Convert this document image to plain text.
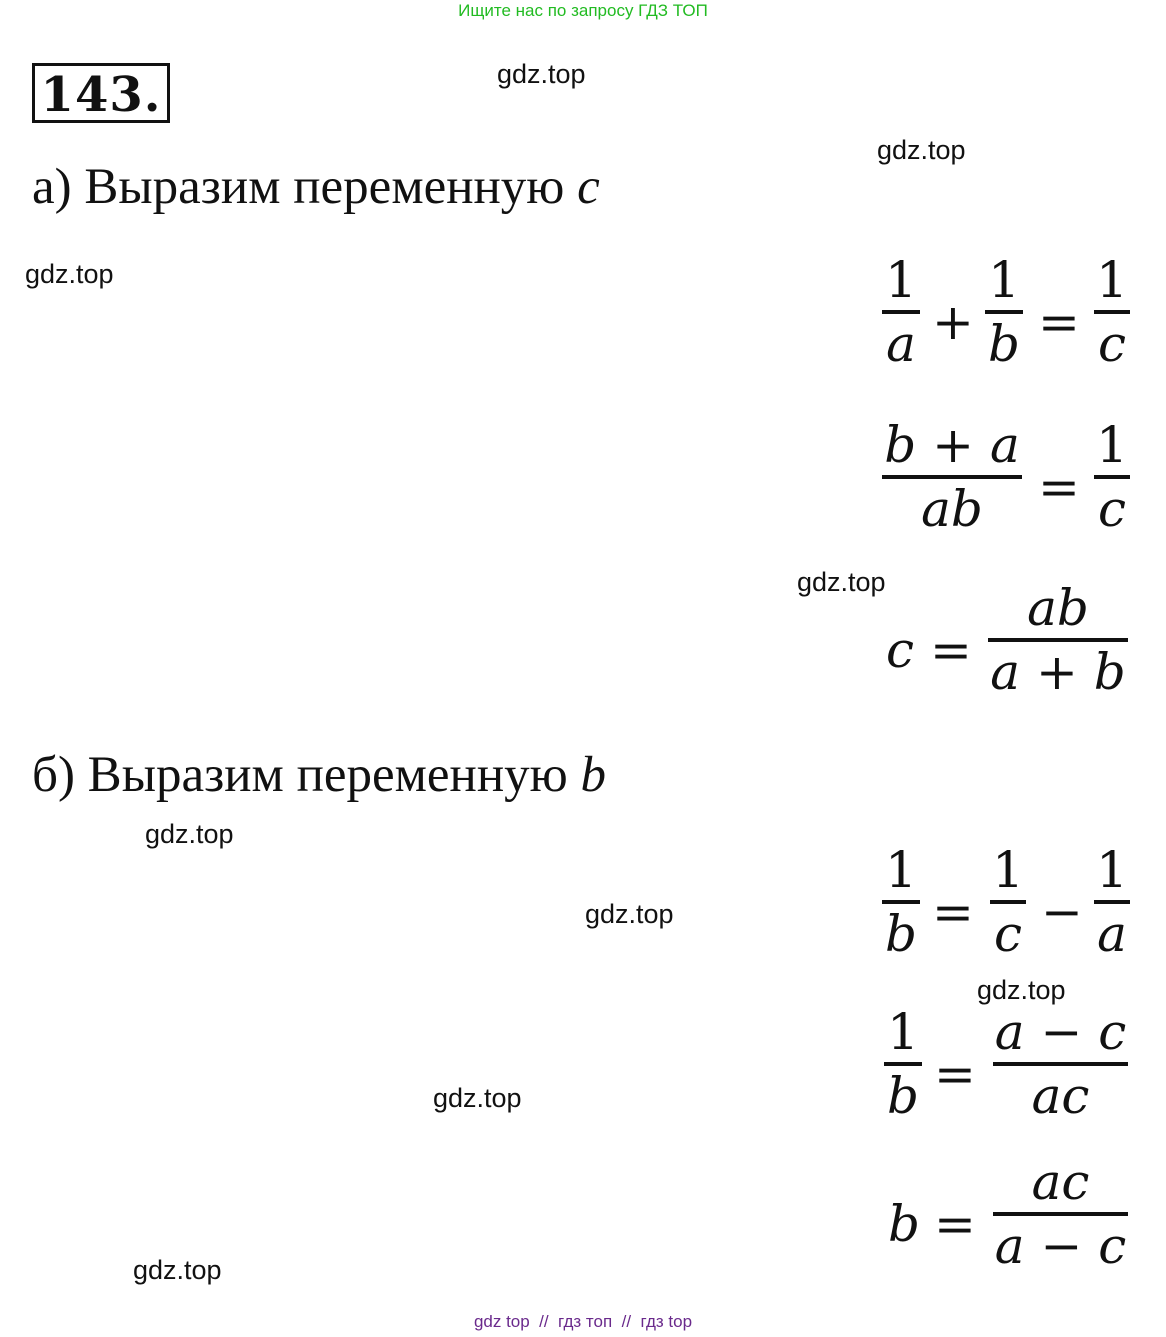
Ищите нас по запросу ГДЗ ТОП
143.	gdz.top
gdz.top
gdz.top
gdz.top
gdz.top
gdz.top
gdz.top
gdz.top
gdz.top
а) Выразим переменную c
1
a +
1
b =
1
c
b + a
ab	=
1
c
c =
ab
a + b
б) Выразим переменную b
1
b =
1
c −
1
a
1
b =
a − c
ac
b =
ac
a − c
gdz top  //  гдз топ  //  гдз top
